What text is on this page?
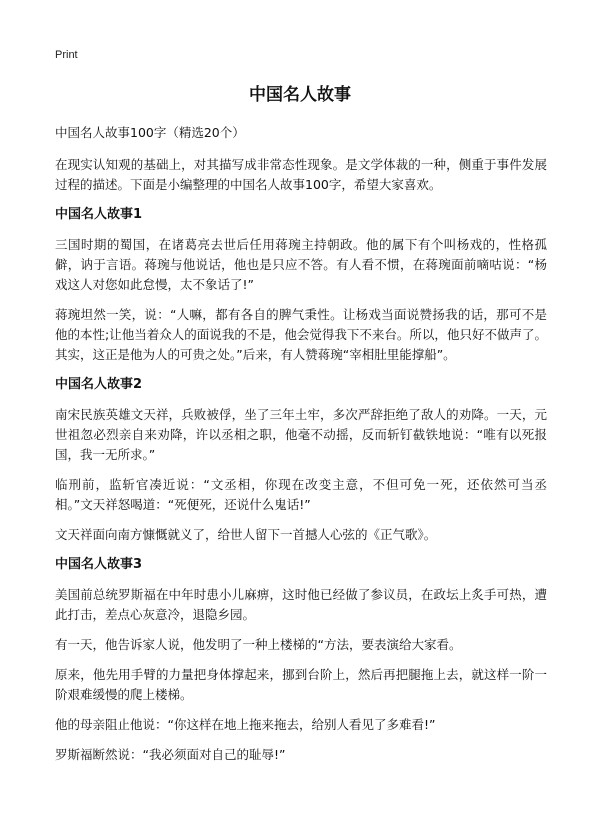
Print
中国名人故事

中国名人故事100字（精选20个）

在现实认知观的基础上，对其描写成非常态性现象。是文学体裁的一种，侧重于事件发展过程的描述。下面是小编整理的中国名人故事100字，希望大家喜欢。

中国名人故事1

三国时期的蜀国，在诸葛亮去世后任用蒋琬主持朝政。他的属下有个叫杨戏的，性格孤僻，讷于言语。蒋琬与他说话，他也是只应不答。有人看不惯，在蒋琬面前嘀咕说：“杨戏这人对您如此怠慢，太不象话了!”

蒋琬坦然一笑，说：“人嘛，都有各自的脾气秉性。让杨戏当面说赞扬我的话，那可不是他的本性;让他当着众人的面说我的不是，他会觉得我下不来台。所以，他只好不做声了。其实，这正是他为人的可贵之处。”后来，有人赞蒋琬“宰相肚里能撑船”。

中国名人故事2

南宋民族英雄文天祥，兵败被俘，坐了三年土牢，多次严辞拒绝了敌人的劝降。一天，元世祖忽必烈亲自来劝降，许以丞相之职，他毫不动摇，反而斩钉截铁地说：“唯有以死报国，我一无所求。”

临刑前，监斩官凑近说：“文丞相，你现在改变主意，不但可免一死，还依然可当丞相。”文天祥怒喝道：“死便死，还说什么鬼话!”

文天祥面向南方慷慨就义了，给世人留下一首撼人心弦的《正气歌》。

中国名人故事3

美国前总统罗斯福在中年时患小儿麻痹，这时他已经做了参议员，在政坛上炙手可热，遭此打击，差点心灰意冷，退隐乡园。

有一天，他告诉家人说，他发明了一种上楼梯的“方法，要表演给大家看。

原来，他先用手臂的力量把身体撑起来，挪到台阶上，然后再把腿拖上去，就这样一阶一阶艰难缓慢的爬上楼梯。

他的母亲阻止他说：“你这样在地上拖来拖去，给别人看见了多难看!”

罗斯福断然说：“我必须面对自己的耻辱!”
